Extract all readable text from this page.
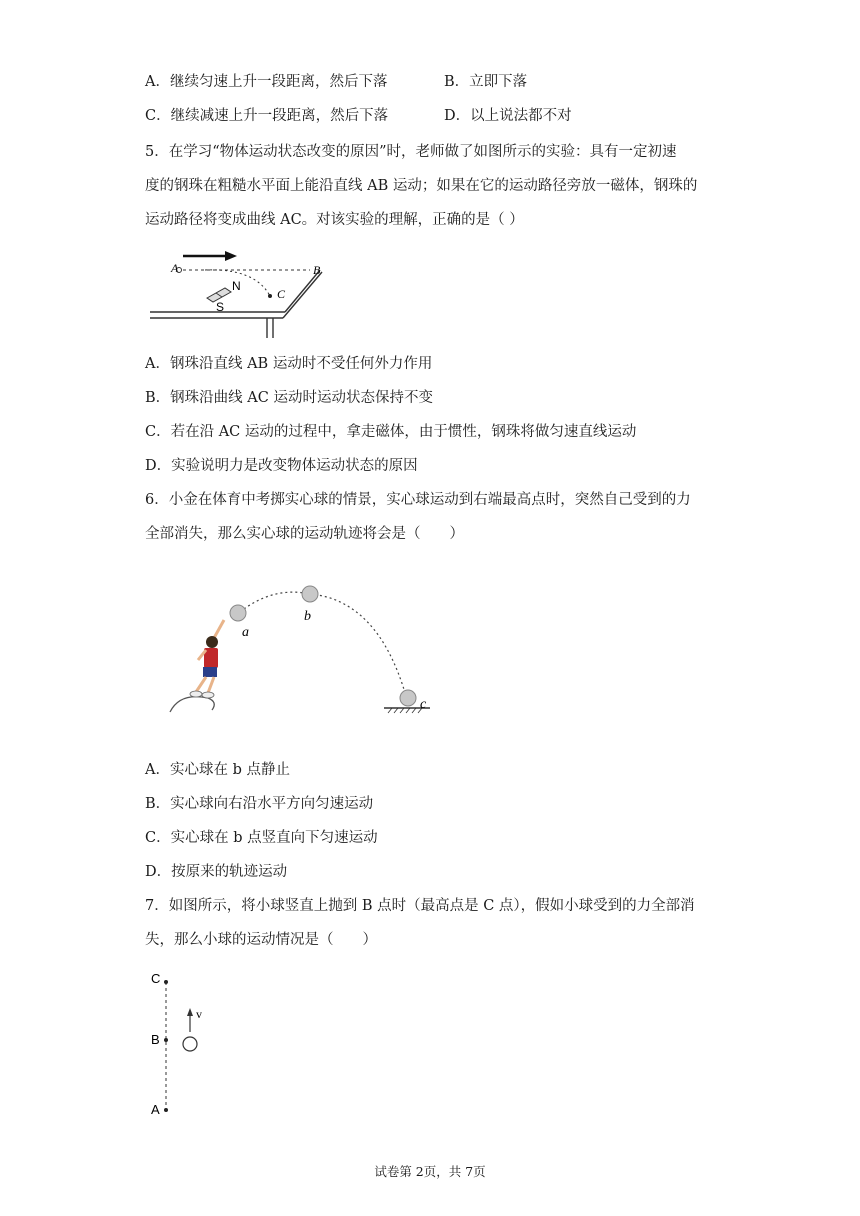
A．继续匀速上升一段距离，然后下落	B．立即下落
C．继续减速上升一段距离，然后下落	D．以上说法都不对
5．在学习“物体运动状态改变的原因”时，老师做了如图所示的实验：具有一定初速
度的钢珠在粗糙水平面上能沿直线 AB 运动；如果在它的运动路径旁放一磁体，钢珠的
运动路径将变成曲线 AC。对该实验的理解，正确的是（ ）
A	B
C
N
S
A．钢珠沿直线 AB 运动时不受任何外力作用
B．钢珠沿曲线 AC 运动时运动状态保持不变
C．若在沿 AC 运动的过程中，拿走磁体，由于惯性，钢珠将做匀速直线运动
D．实验说明力是改变物体运动状态的原因
6．小金在体育中考掷实心球的情景，实心球运动到右端最高点时，突然自己受到的力
全部消失，那么实心球的运动轨迹将会是（　　）
a
b
c
A．实心球在 b 点静止
B．实心球向右沿水平方向匀速运动
C．实心球在 b 点竖直向下匀速运动
D．按原来的轨迹运动
7．如图所示，将小球竖直上抛到 B 点时（最高点是 C 点），假如小球受到的力全部消
失，那么小球的运动情况是（　　）
C
B
A
v
试卷第 2页，共 7页
